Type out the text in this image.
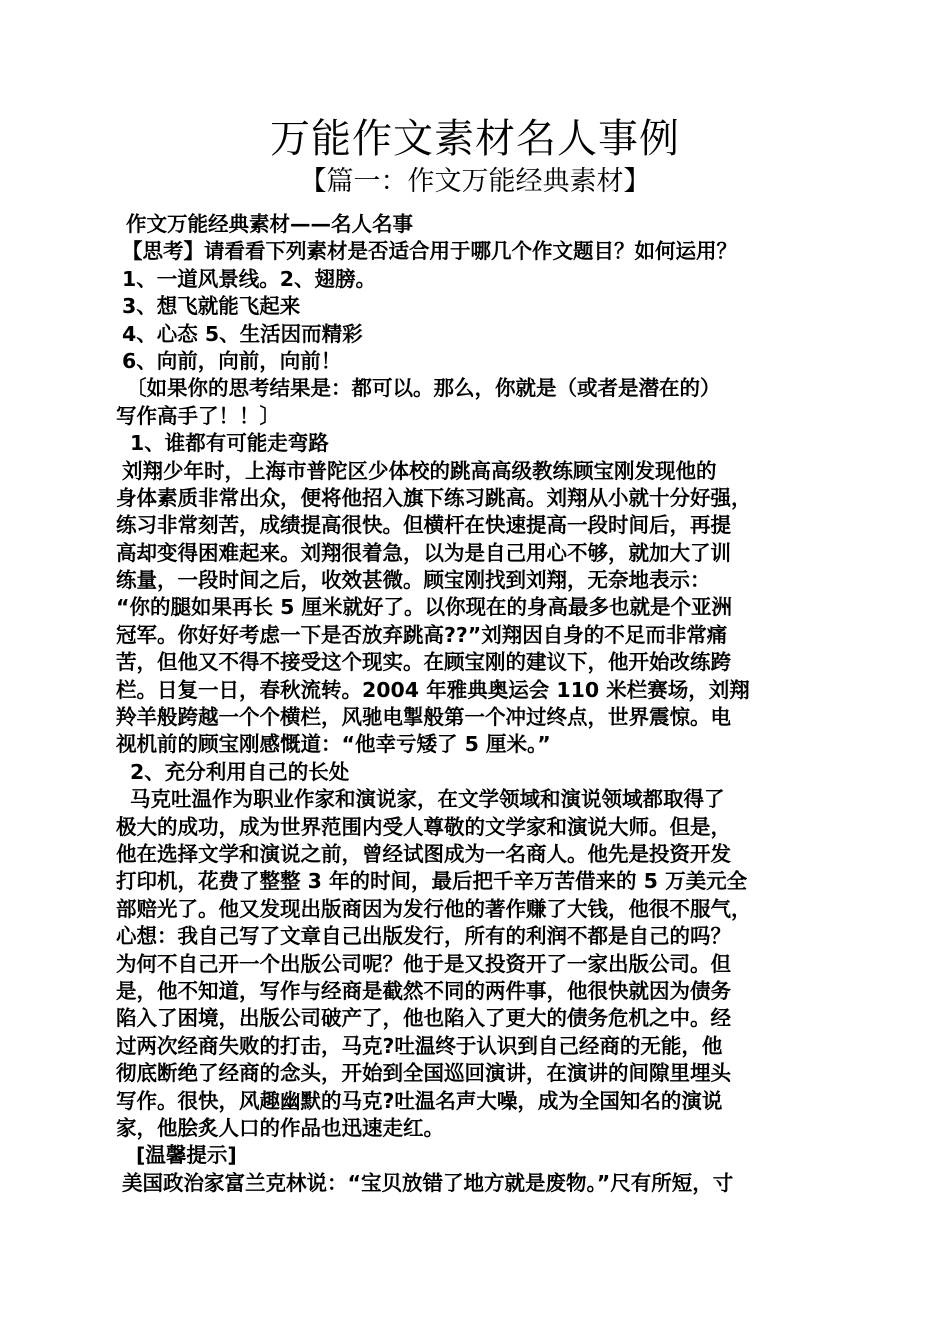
万能作文素材名人事例
【篇一：作文万能经典素材】
作文万能经典素材——名人名事
【思考】请看看下列素材是否适合用于哪几个作文题目？如何运用？
1、一道风景线。2、翅膀。
3、想飞就能飞起来
4、心态 5、生活因而精彩
6、向前，向前，向前！
〔如果你的思考结果是：都可以。那么，你就是（或者是潜在的）
写作高手了！！〕
1、谁都有可能走弯路
刘翔少年时，上海市普陀区少体校的跳高高级教练顾宝刚发现他的
身体素质非常出众，便将他招入旗下练习跳高。刘翔从小就十分好强，
练习非常刻苦，成绩提高很快。但横杆在快速提高一段时间后，再提
高却变得困难起来。刘翔很着急，以为是自己用心不够，就加大了训
练量，一段时间之后，收效甚微。顾宝刚找到刘翔，无奈地表示：
“你的腿如果再长 5 厘米就好了。以你现在的身高最多也就是个亚洲
冠军。你好好考虑一下是否放弃跳高??”刘翔因自身的不足而非常痛
苦，但他又不得不接受这个现实。在顾宝刚的建议下，他开始改练跨
栏。日复一日，春秋流转。2004 年雅典奥运会 110 米栏赛场，刘翔
羚羊般跨越一个个横栏，风驰电掣般第一个冲过终点，世界震惊。电
视机前的顾宝刚感慨道：“他幸亏矮了 5 厘米。”
2、充分利用自己的长处
马克吐温作为职业作家和演说家，在文学领域和演说领域都取得了
极大的成功，成为世界范围内受人尊敬的文学家和演说大师。但是，
他在选择文学和演说之前，曾经试图成为一名商人。他先是投资开发
打印机，花费了整整 3 年的时间，最后把千辛万苦借来的 5 万美元全
部赔光了。他又发现出版商因为发行他的著作赚了大钱，他很不服气，
心想：我自己写了文章自己出版发行，所有的利润不都是自己的吗？
为何不自己开一个出版公司呢？他于是又投资开了一家出版公司。但
是，他不知道，写作与经商是截然不同的两件事，他很快就因为债务
陷入了困境，出版公司破产了，他也陷入了更大的债务危机之中。经
过两次经商失败的打击，马克?吐温终于认识到自己经商的无能，他
彻底断绝了经商的念头，开始到全国巡回演讲，在演讲的间隙里埋头
写作。很快，风趣幽默的马克?吐温名声大噪，成为全国知名的演说
家，他脍炙人口的作品也迅速走红。
[温馨提示]
美国政治家富兰克林说：“宝贝放错了地方就是废物。”尺有所短，寸
